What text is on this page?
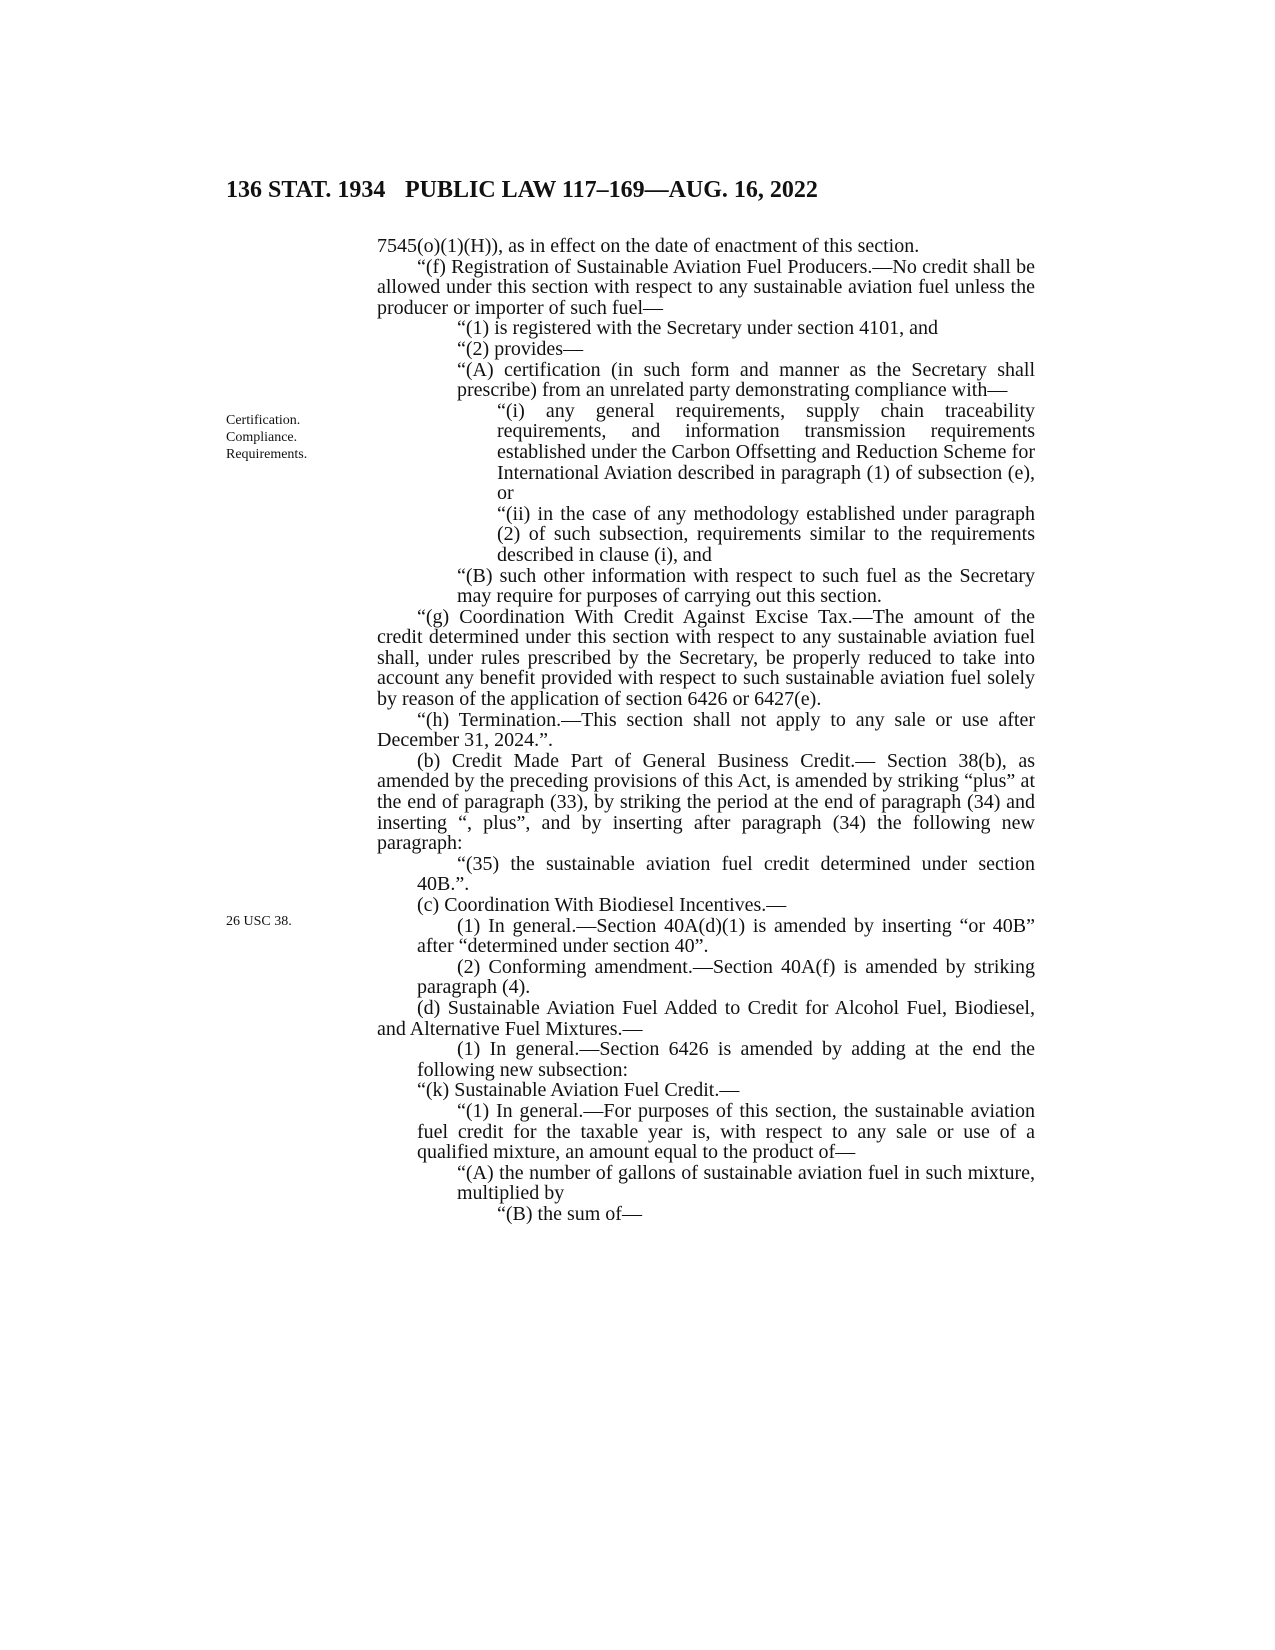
136 STAT. 1934 PUBLIC LAW 117–169—AUG. 16, 2022
Certification.
Compliance.
Requirements.
26 USC 38.

7545(o)(1)(H)), as in effect on the date of enactment of this section.

“(f) Registration of Sustainable Aviation Fuel Producers.—No credit shall be allowed under this section with respect to any sustainable aviation fuel unless the producer or importer of such fuel—

“(1) is registered with the Secretary under section 4101, and

“(2) provides—

“(A) certification (in such form and manner as the Secretary shall prescribe) from an unrelated party demonstrating compliance with—

“(i) any general requirements, supply chain traceability requirements, and information transmission requirements established under the Carbon Offsetting and Reduction Scheme for International Aviation described in paragraph (1) of subsection (e), or

“(ii) in the case of any methodology established under paragraph (2) of such subsection, requirements similar to the requirements described in clause (i), and

“(B) such other information with respect to such fuel as the Secretary may require for purposes of carrying out this section.

“(g) Coordination With Credit Against Excise Tax.—The amount of the credit determined under this section with respect to any sustainable aviation fuel shall, under rules prescribed by the Secretary, be properly reduced to take into account any benefit provided with respect to such sustainable aviation fuel solely by reason of the application of section 6426 or 6427(e).

“(h) Termination.—This section shall not apply to any sale or use after December 31, 2024.”.

(b) Credit Made Part of General Business Credit.— Section 38(b), as amended by the preceding provisions of this Act, is amended by striking “plus” at the end of paragraph (33), by striking the period at the end of paragraph (34) and inserting “, plus”, and by inserting after paragraph (34) the following new paragraph:

“(35) the sustainable aviation fuel credit determined under section 40B.”.

(c) Coordination With Biodiesel Incentives.—

(1) In general.—Section 40A(d)(1) is amended by inserting “or 40B” after “determined under section 40”.

(2) Conforming amendment.—Section 40A(f) is amended by striking paragraph (4).

(d) Sustainable Aviation Fuel Added to Credit for Alcohol Fuel, Biodiesel, and Alternative Fuel Mixtures.—

(1) In general.—Section 6426 is amended by adding at the end the following new subsection:

“(k) Sustainable Aviation Fuel Credit.—

“(1) In general.—For purposes of this section, the sustainable aviation fuel credit for the taxable year is, with respect to any sale or use of a qualified mixture, an amount equal to the product of—

“(A) the number of gallons of sustainable aviation fuel in such mixture, multiplied by

“(B) the sum of—
